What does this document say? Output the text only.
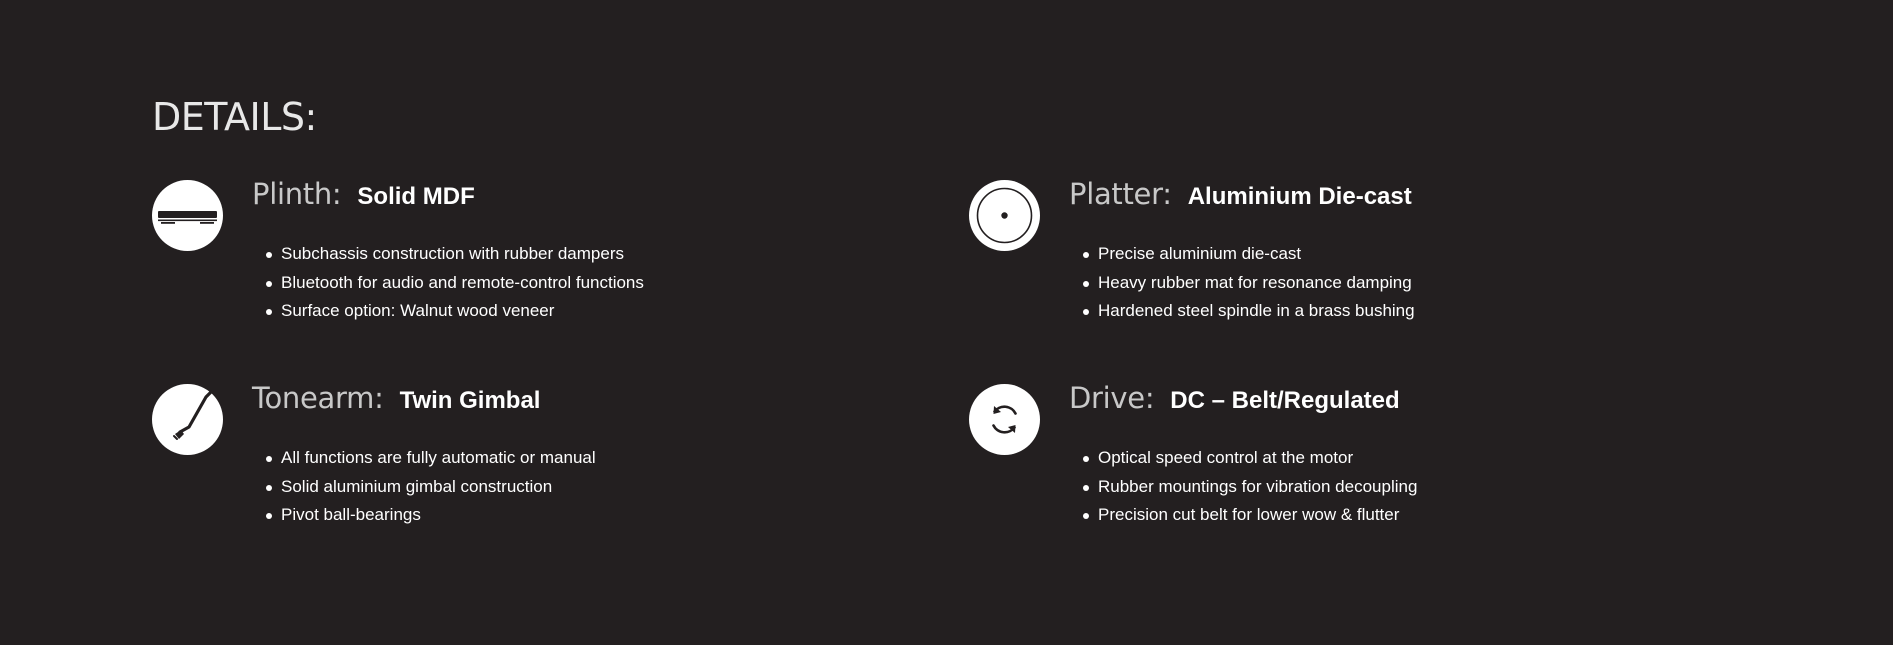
DETAILS:
Plinth: Solid MDF
Subchassis construction with rubber dampers
Bluetooth for audio and remote-control functions
Surface option: Walnut wood veneer
Platter: Aluminium Die-cast
Precise aluminium die-cast
Heavy rubber mat for resonance damping
Hardened steel spindle in a brass bushing
Tonearm: Twin Gimbal
All functions are fully automatic or manual
Solid aluminium gimbal construction
Pivot ball-bearings
Drive: DC – Belt/Regulated
Optical speed control at the motor
Rubber mountings for vibration decoupling
Precision cut belt for lower wow & flutter
